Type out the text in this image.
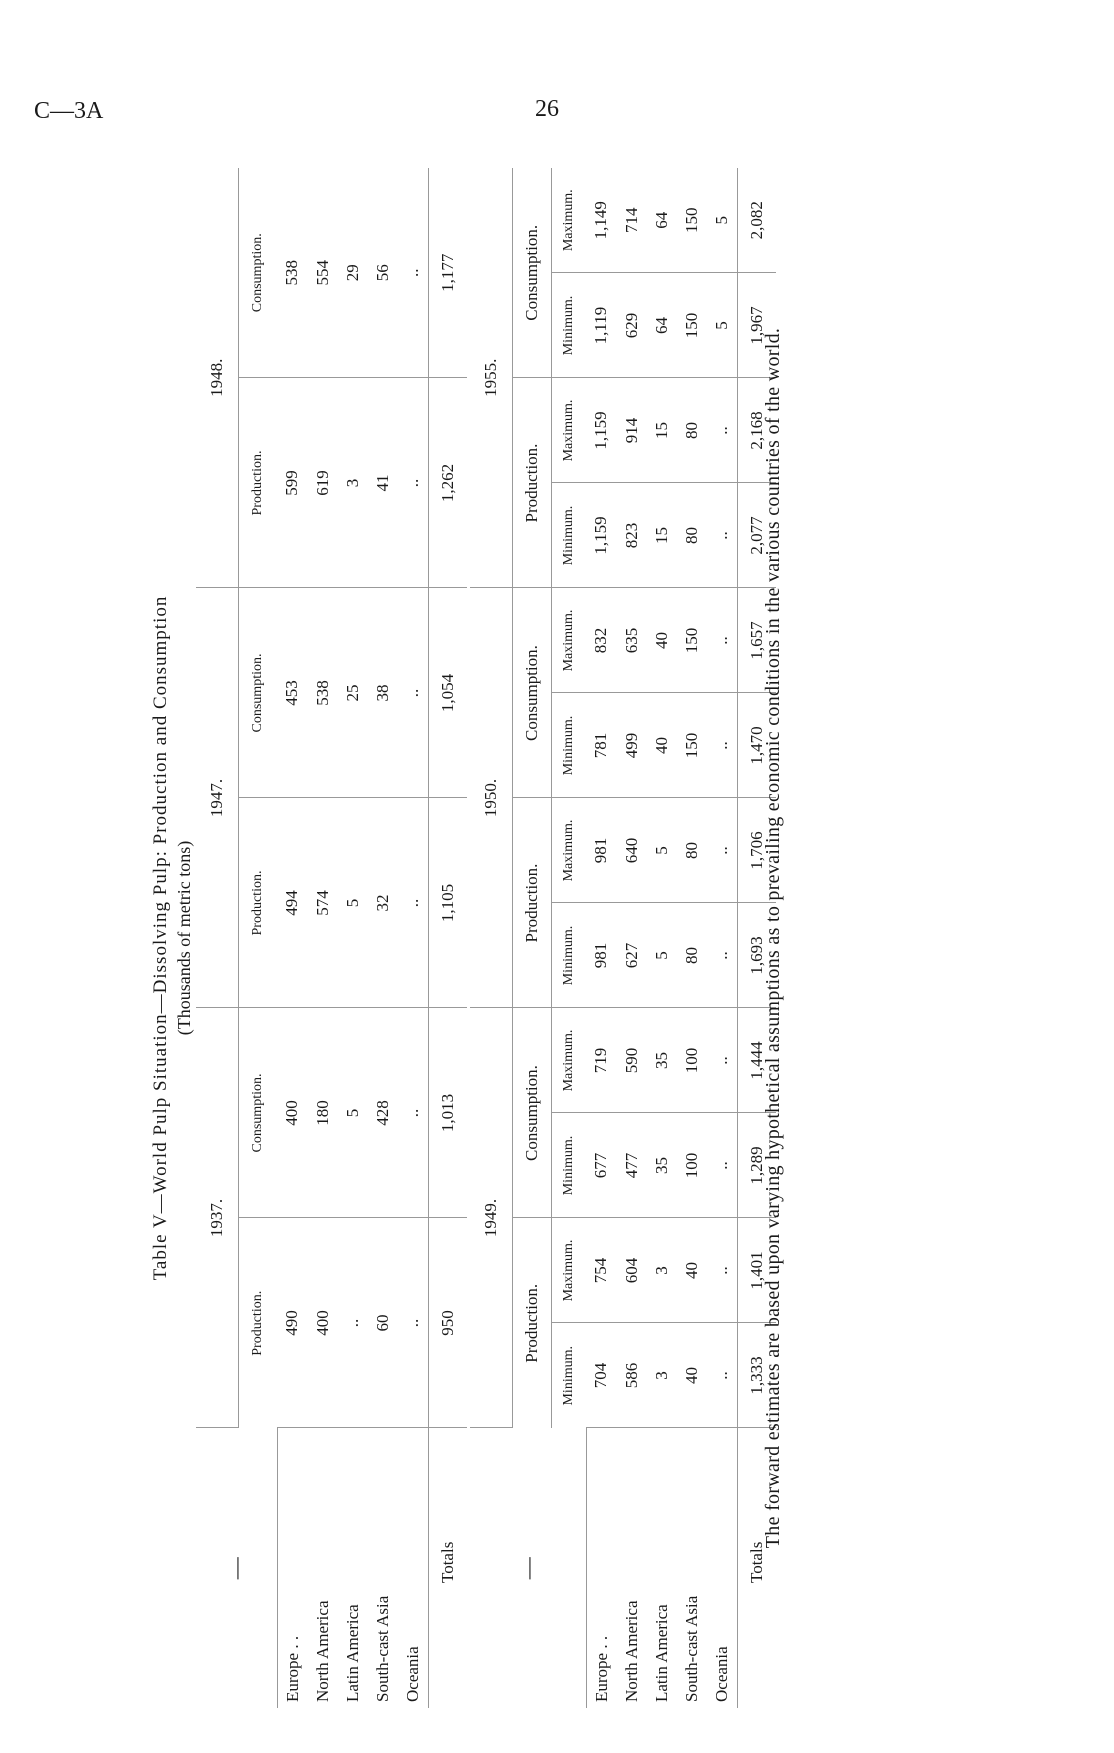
C—3A	26
Table V—World Pulp Situation—Dissolving Pulp: Production and Consumption (Thousands of metric tons)
—	1937.		1947.		1948.	
	Production.	Consumption.	Production.	Consumption.	Production.	Consumption.
Europe . .	490	400	494	453	599	538
North America	400	180	574	538	619	554
Latin America	..	5	5	25	3	29
South-cast Asia	60	428	32	38	41	56
Oceania	..	..	..	..	..	..
Totals	950	1,013	1,105	1,054	1,262	1,177
—	1949.				1950.				1955.			
	Production.		Consumption.		Production.		Consumption.		Production.		Consumption.	
	Minimum.	Maximum.	Minimum.	Maximum.	Minimum.	Maximum.	Minimum.	Maximum.	Minimum.	Maximum.	Minimum.	Maximum.
Europe . .	704	754	677	719	981	981	781	832	1,159	1,159	1,119	1,149
North America	586	604	477	590	627	640	499	635	823	914	629	714
Latin America	3	3	35	35	5	5	40	40	15	15	64	64
South-cast Asia	40	40	100	100	80	80	150	150	80	80	150	150
Oceania	..	..	..	..	..	..	..	..	..	..	5	5
Totals	1,333	1,401	1,289	1,444	1,693	1,706	1,470	1,657	2,077	2,168	1,967	2,082
The forward estimates are based upon varying hypothetical assumptions as to prevailing economic conditions in the various countries of the world.
